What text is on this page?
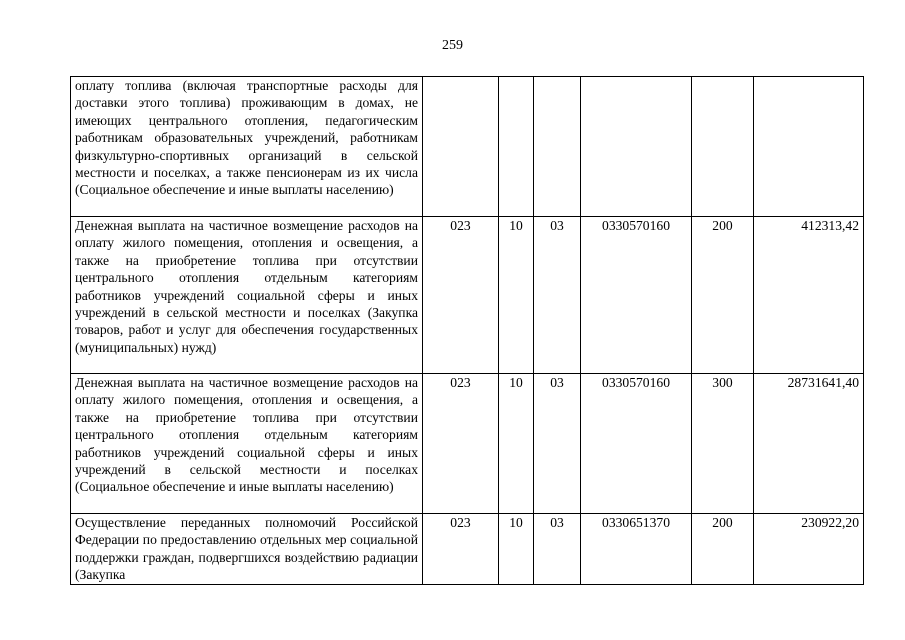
259
оплату топлива (включая транспортные расходы для доставки этого топлива) проживающим в домах, не имеющих центрального отопления, педагогическим работникам образовательных учреждений, работникам физкультурно-спортивных организаций в сельской местности и поселках, а также пенсионерам из их числа (Социальное обеспечение и иные выплаты населению)						
Денежная выплата на частичное возмещение расходов на оплату жилого помещения, отопления и освещения, а также на приобретение топлива при отсутствии центрального отопления отдельным категориям работников учреждений социальной сферы и иных учреждений в сельской местности и поселках (Закупка товаров, работ и услуг для обеспечения государственных (муниципальных) нужд)	023	10	03	0330570160	200	412313,42
Денежная выплата на частичное возмещение расходов на оплату жилого помещения, отопления и освещения, а также на приобретение топлива при отсутствии центрального отопления отдельным категориям работников учреждений социальной сферы и иных учреждений в сельской местности и поселках (Социальное обеспечение и иные выплаты населению)	023	10	03	0330570160	300	28731641,40
Осуществление переданных полномочий Российской Федерации по предоставлению отдельных мер социальной поддержки граждан, подвергшихся воздействию радиации (Закупка	023	10	03	0330651370	200	230922,20
